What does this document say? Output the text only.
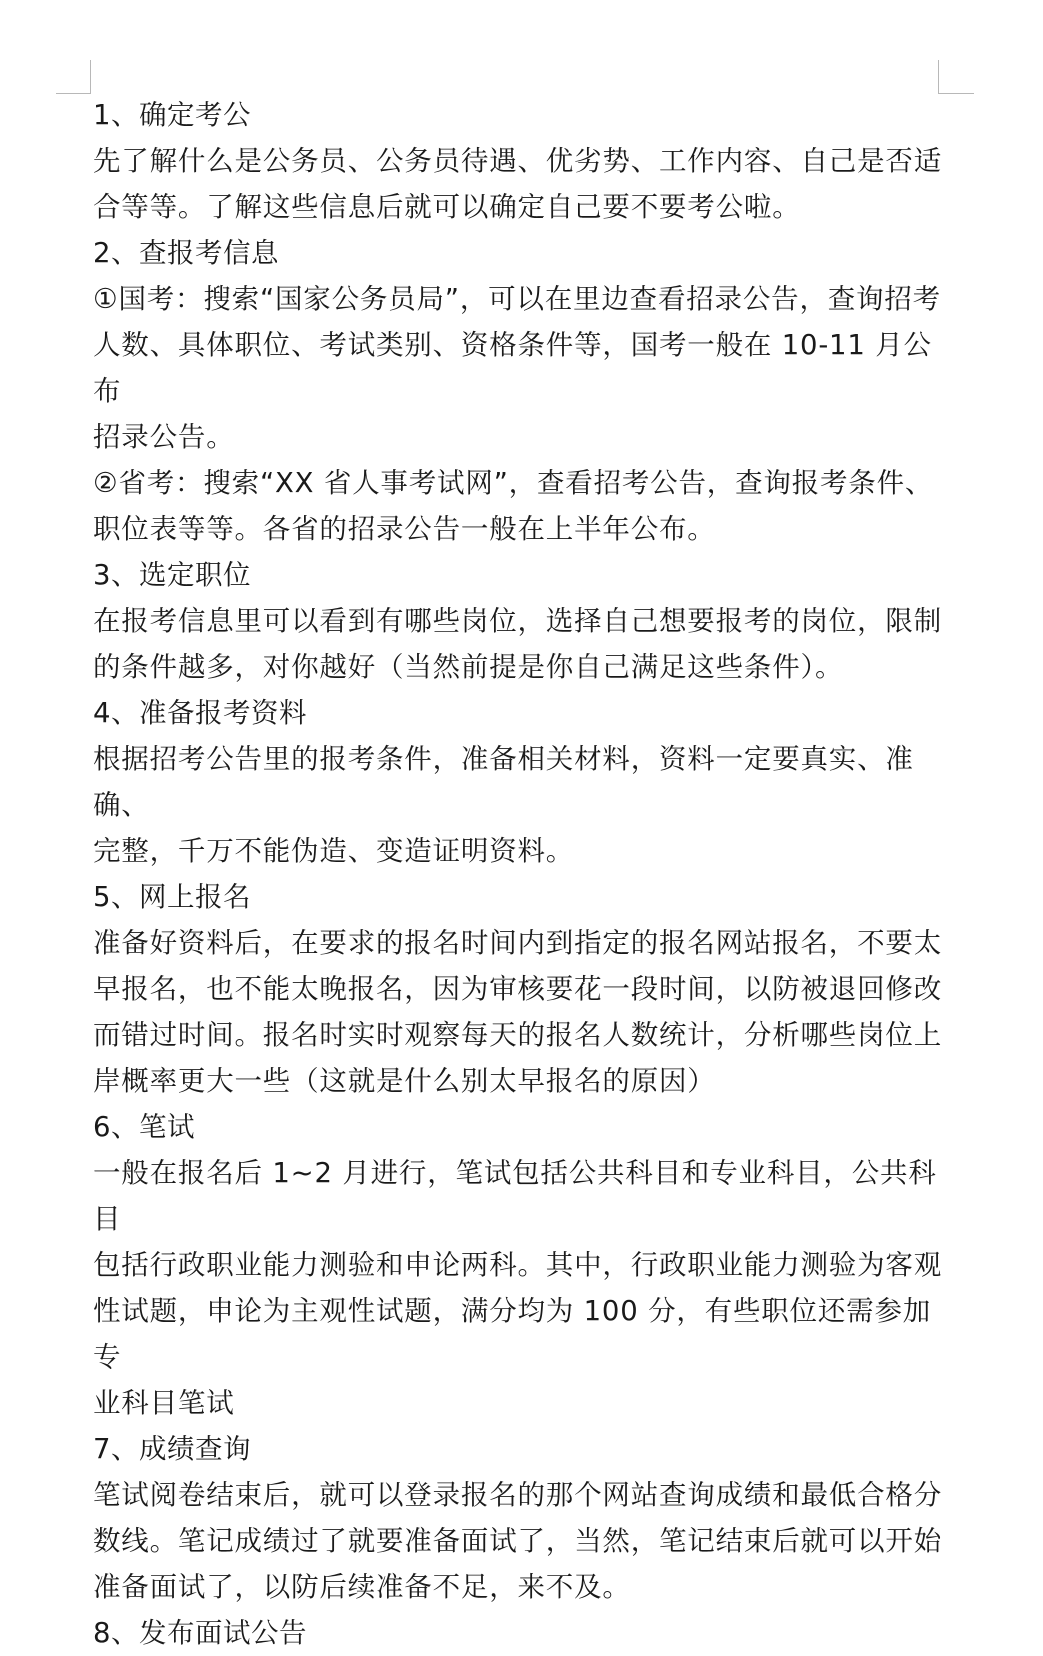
1、确定考公

先了解什么是公务员、公务员待遇、优劣势、工作内容、自己是否适

合等等。了解这些信息后就可以确定自己要不要考公啦。

2、查报考信息

①国考：搜索“国家公务员局”，可以在里边查看招录公告，查询招考

人数、具体职位、考试类别、资格条件等，国考一般在 10-11 月公布

招录公告。

②省考：搜索“XX 省人事考试网”，查看招考公告，查询报考条件、

职位表等等。各省的招录公告一般在上半年公布。

3、选定职位

在报考信息里可以看到有哪些岗位，选择自己想要报考的岗位，限制

的条件越多，对你越好（当然前提是你自己满足这些条件）。

4、准备报考资料

根据招考公告里的报考条件，准备相关材料，资料一定要真实、准确、

完整，千万不能伪造、变造证明资料。

5、网上报名

准备好资料后，在要求的报名时间内到指定的报名网站报名，不要太

早报名，也不能太晚报名，因为审核要花一段时间，以防被退回修改

而错过时间。报名时实时观察每天的报名人数统计，分析哪些岗位上

岸概率更大一些（这就是什么别太早报名的原因）

6、笔试

一般在报名后 1~2 月进行，笔试包括公共科目和专业科目，公共科目

包括行政职业能力测验和申论两科。其中，行政职业能力测验为客观

性试题，申论为主观性试题，满分均为 100 分，有些职位还需参加专

业科目笔试

7、成绩查询

笔试阅卷结束后，就可以登录报名的那个网站查询成绩和最低合格分

数线。笔记成绩过了就要准备面试了，当然，笔记结束后就可以开始

准备面试了，以防后续准备不足，来不及。

8、发布面试公告
